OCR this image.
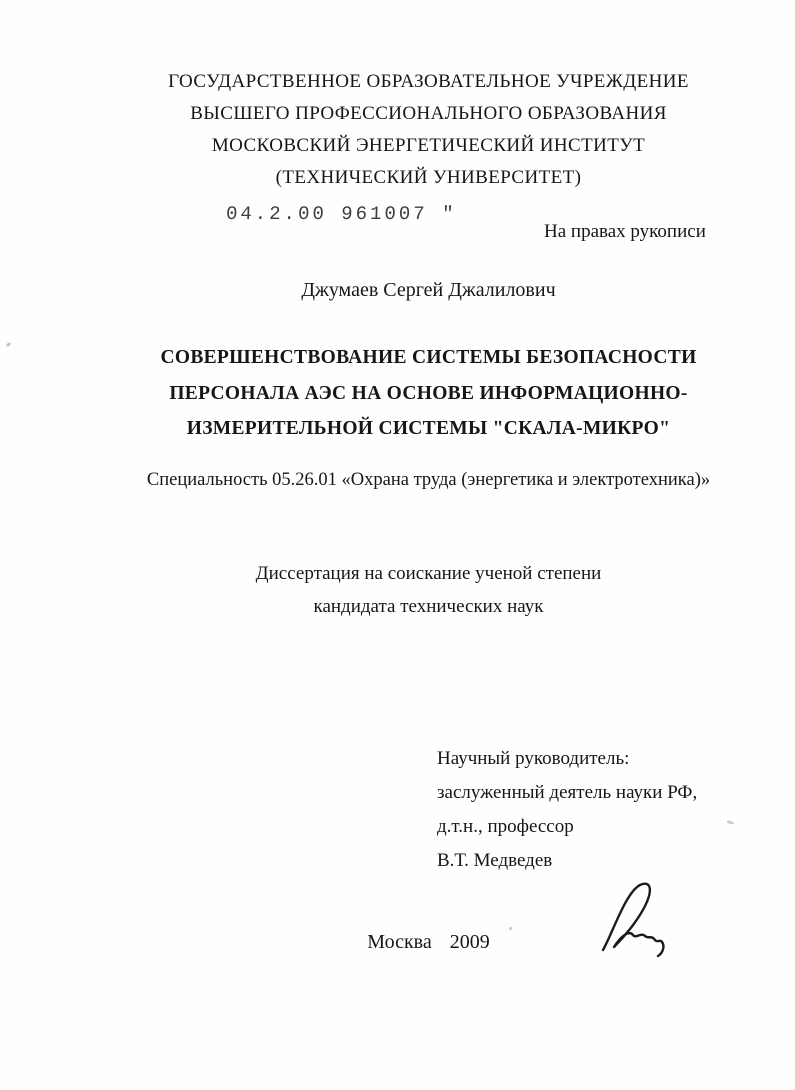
ГОСУДАРСТВЕННОЕ ОБРАЗОВАТЕЛЬНОЕ УЧРЕЖДЕНИЕ
ВЫСШЕГО ПРОФЕССИОНАЛЬНОГО ОБРАЗОВАНИЯ
МОСКОВСКИЙ ЭНЕРГЕТИЧЕСКИЙ ИНСТИТУТ
(ТЕХНИЧЕСКИЙ УНИВЕРСИТЕТ)
04.2.00 961007 ″
На правах рукописи
Джумаев Сергей Джалилович
СОВЕРШЕНСТВОВАНИЕ СИСТЕМЫ БЕЗОПАСНОСТИ
ПЕРСОНАЛА АЭС НА ОСНОВЕ ИНФОРМАЦИОННО-
ИЗМЕРИТЕЛЬНОЙ СИСТЕМЫ "СКАЛА-МИКРО"
Специальность 05.26.01 «Охрана труда (энергетика и электротехника)»
Диссертация на соискание ученой степени
кандидата технических наук
Научный руководитель:
заслуженный деятель науки РФ,
д.т.н., профессор
В.Т. Медведев
Москва 2009
